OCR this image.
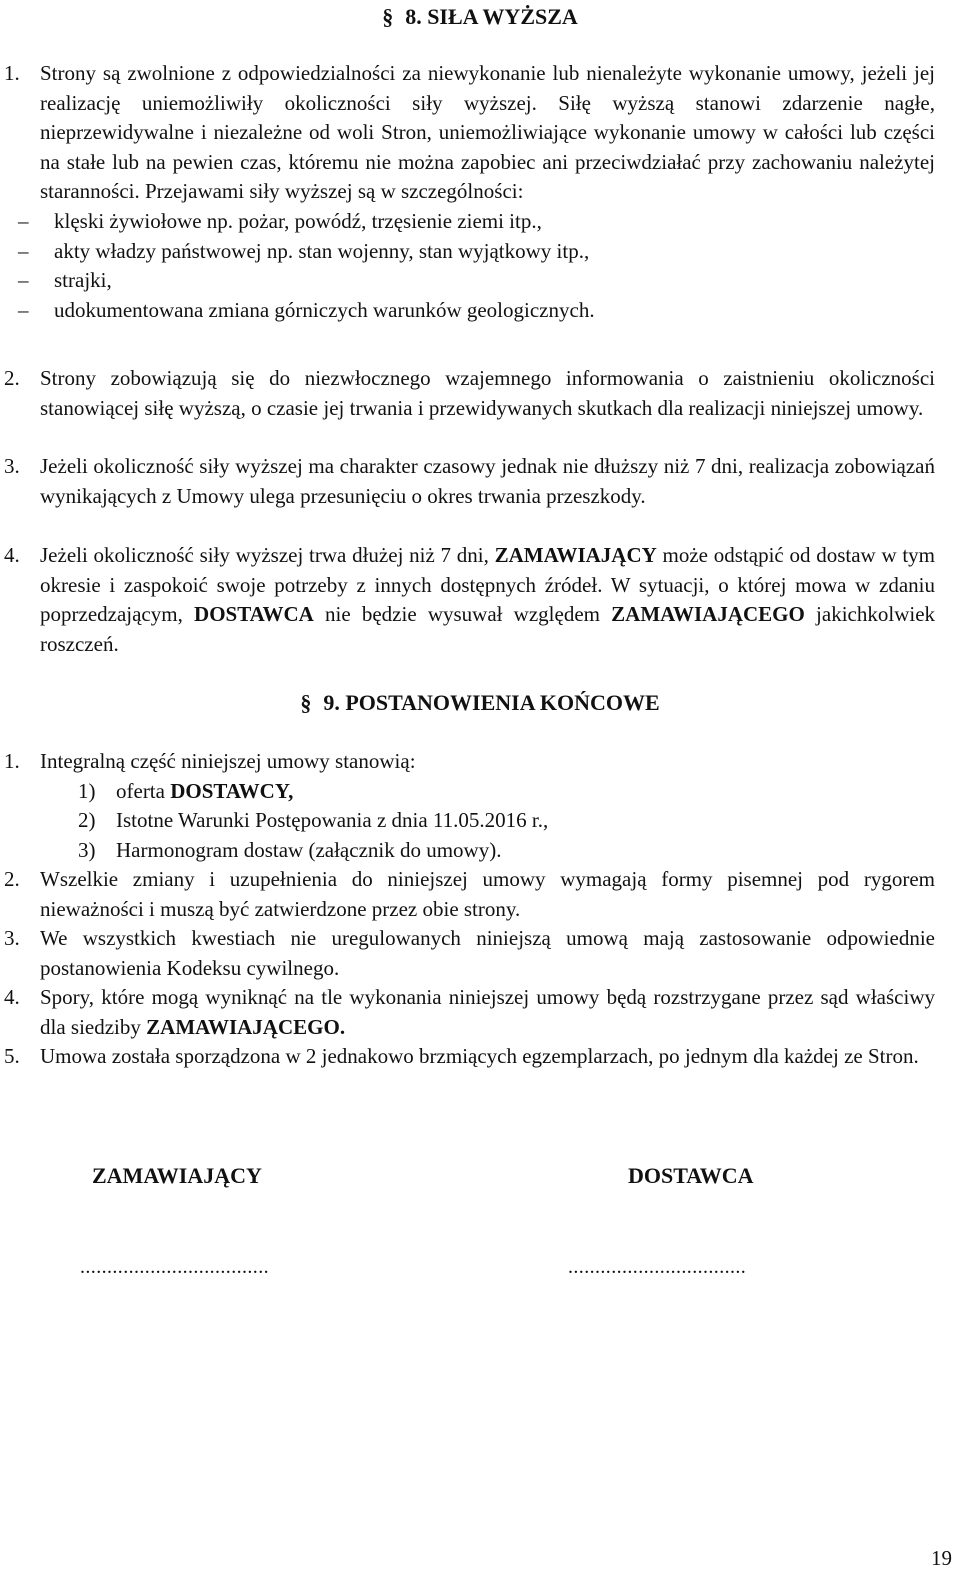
§ 8. SIŁA WYŻSZA
1. Strony są zwolnione z odpowiedzialności za niewykonanie lub nienależyte wykonanie umowy, jeżeli jej realizację uniemożliwiły okoliczności siły wyższej. Siłę wyższą stanowi zdarzenie nagłe, nieprzewidywalne i niezależne od woli Stron, uniemożliwiające wykonanie umowy w całości lub części na stałe lub na pewien czas, któremu nie można zapobiec ani przeciwdziałać przy zachowaniu należytej staranności. Przejawami siły wyższej są w szczególności:
– klęski żywiołowe np. pożar, powódź, trzęsienie ziemi itp.,
– akty władzy państwowej np. stan wojenny, stan wyjątkowy itp.,
– strajki,
– udokumentowana zmiana górniczych warunków geologicznych.
2. Strony zobowiązują się do niezwłocznego wzajemnego informowania o zaistnieniu okoliczności stanowiącej siłę wyższą, o czasie jej trwania i przewidywanych skutkach dla realizacji niniejszej umowy.
3. Jeżeli okoliczność siły wyższej ma charakter czasowy jednak nie dłuższy niż 7 dni, realizacja zobowiązań wynikających z Umowy ulega przesunięciu o okres trwania przeszkody.
4. Jeżeli okoliczność siły wyższej trwa dłużej niż 7 dni, ZAMAWIAJĄCY może odstąpić od dostaw w tym okresie i zaspokoić swoje potrzeby z innych dostępnych źródeł. W sytuacji, o której mowa w zdaniu poprzedzającym, DOSTAWCA nie będzie wysuwał względem ZAMAWIAJĄCEGO jakichkolwiek roszczeń.
§ 9. POSTANOWIENIA KOŃCOWE
1. Integralną część niniejszej umowy stanowią:
1) oferta DOSTAWCY,
2) Istotne Warunki Postępowania z dnia 11.05.2016 r.,
3) Harmonogram dostaw (załącznik do umowy).
2. Wszelkie zmiany i uzupełnienia do niniejszej umowy wymagają formy pisemnej pod rygorem nieważności i muszą być zatwierdzone przez obie strony.
3. We wszystkich kwestiach nie uregulowanych niniejszą umową mają zastosowanie odpowiednie postanowienia Kodeksu cywilnego.
4. Spory, które mogą wyniknąć na tle wykonania niniejszej umowy będą rozstrzygane przez sąd właściwy dla siedziby ZAMAWIAJĄCEGO.
5. Umowa została sporządzona w 2 jednakowo brzmiących egzemplarzach, po jednym dla każdej ze Stron.
ZAMAWIAJĄCY	DOSTAWCA
...................................	.................................
19
